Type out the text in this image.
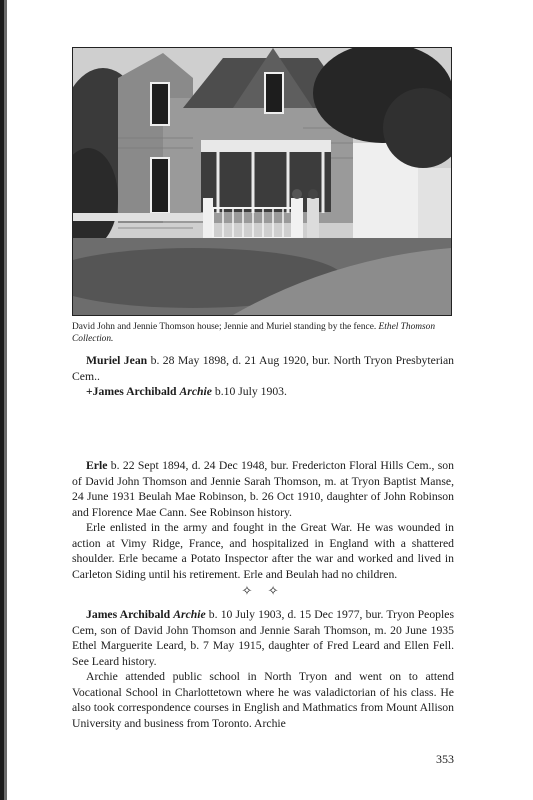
David John and Jennie Thomson house; Jennie and Muriel standing by the fence. Ethel Thomson Collection.

Muriel Jean b. 28 May 1898, d. 21 Aug 1920, bur. North Tryon Presbyterian Cem..

+James Archibald Archie b.10 July 1903.

Erle b. 22 Sept 1894, d. 24 Dec 1948, bur. Fredericton Floral Hills Cem., son of David John Thomson and Jennie Sarah Thomson, m. at Tryon Baptist Manse, 24 June 1931 Beulah Mae Robinson, b. 26 Oct 1910, daughter of John Robinson and Florence Mae Cann. See Robinson history.

Erle enlisted in the army and fought in the Great War. He was wounded in action at Vimy Ridge, France, and hospitalized in England with a shattered shoulder. Erle became a Potato Inspector after the war and worked and lived in Carleton Siding until his retirement. Erle and Beulah had no children.

✧ ✧

James Archibald Archie b. 10 July 1903, d. 15 Dec 1977, bur. Tryon Peoples Cem, son of David John Thomson and Jennie Sarah Thomson, m. 20 June 1935 Ethel Marguerite Leard, b. 7 May 1915, daughter of Fred Leard and Ellen Fell. See Leard history.

Archie attended public school in North Tryon and went on to attend Vocational School in Charlottetown where he was valadictorian of his class. He also took correspondence courses in English and Mathmatics from Mount Allison University and business from Toronto. Archie

353
